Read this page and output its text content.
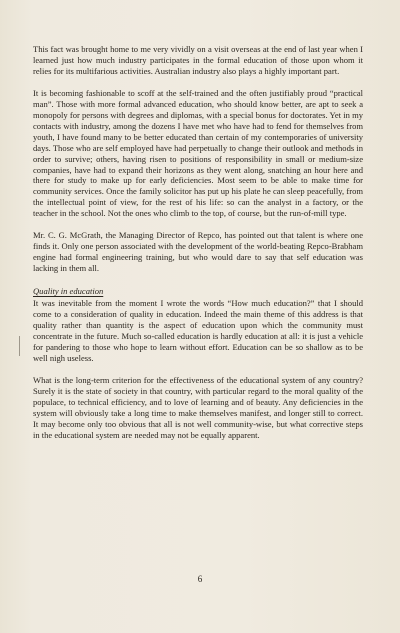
This fact was brought home to me very vividly on a visit overseas at the end of last year when I learned just how much industry participates in the formal education of those upon whom it relies for its multifarious activities. Australian industry also plays a highly important part.

It is becoming fashionable to scoff at the self-trained and the often justifiably proud “practical man”. Those with more formal advanced education, who should know better, are apt to seek a monopoly for persons with degrees and diplomas, with a special bonus for doctorates. Yet in my contacts with industry, among the dozens I have met who have had to fend for themselves from youth, I have found many to be better educated than certain of my contemporaries of university days. Those who are self employed have had perpetually to change their outlook and methods in order to survive; others, having risen to positions of responsibility in small or medium-size companies, have had to expand their horizons as they went along, snatching an hour here and there for study to make up for early deficiencies. Most seem to be able to make time for community services. Once the family solicitor has put up his plate he can sleep peacefully, from the intellectual point of view, for the rest of his life: so can the analyst in a factory, or the teacher in the school. Not the ones who climb to the top, of course, but the run-of-mill type.

Mr. C. G. McGrath, the Managing Director of Repco, has pointed out that talent is where one finds it. Only one person associated with the development of the world-beating Repco-Brabham engine had formal engineering training, but who would dare to say that self education was lacking in them all.

Quality in education

It was inevitable from the moment I wrote the words “How much education?” that I should come to a consideration of quality in education. Indeed the main theme of this address is that quality rather than quantity is the aspect of education upon which the community must concentrate in the future. Much so-called education is hardly education at all: it is just a vehicle for pandering to those who hope to learn without effort. Education can be so shallow as to be well nigh useless.

What is the long-term criterion for the effectiveness of the educational system of any country? Surely it is the state of society in that country, with particular regard to the moral quality of the populace, to technical efficiency, and to love of learning and of beauty. Any deficiencies in the system will obviously take a long time to make themselves manifest, and longer still to correct. It may become only too obvious that all is not well community-wise, but what corrective steps in the educational system are needed may not be equally apparent.

6
